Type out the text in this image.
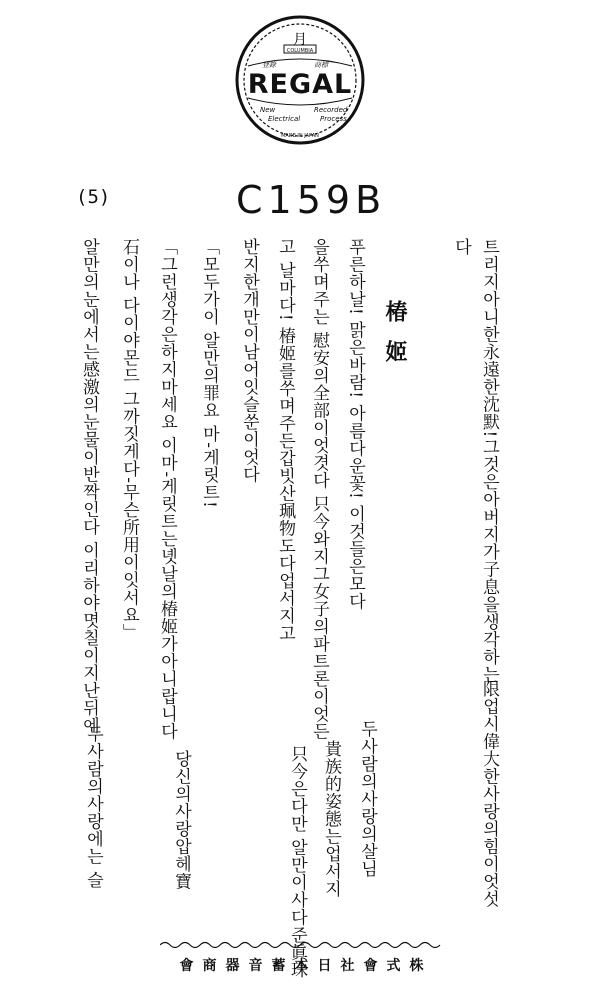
月
COLUMBIA
登錄	商標
REGAL
New
Electrical
Recorded
Process
MADE IN JAPAN
(5)	C159B
椿姬	트리지아니한永遠한沈默!그것은아버지가子息을생각하는
다
限업시偉大한사랑의힘이엇섯
푸른하날! 맑은바람! 아름다운꽃! 이것들은모다
두사람의사랑의살님
을쑤며주는 慰安의全部이엇겻다 只今와지그女子의파트론이엇든
貴族的姿態는업서지
고 날마다! 椿姬를쑤며주든갑빗산珮物도다업서지고
只今은다만 알만이사다준眞珠
반지한개만이남어잇슬쑨이엇다
「모두가이 알만의罪요 마-게릿트!
「그런생각은하지마세요 이마-게릿트는녯날의椿姬가아니랍니다
당신의사랑압헤寶
石이나 다이야몬드 그까짓게다-무슨所用이잇서요」
알만의눈에서는感激의눈물이반짝인다 이리하야몃칠이지난뒤에
두사람의사랑에는 슬
會商器音蓄本日社會式株
